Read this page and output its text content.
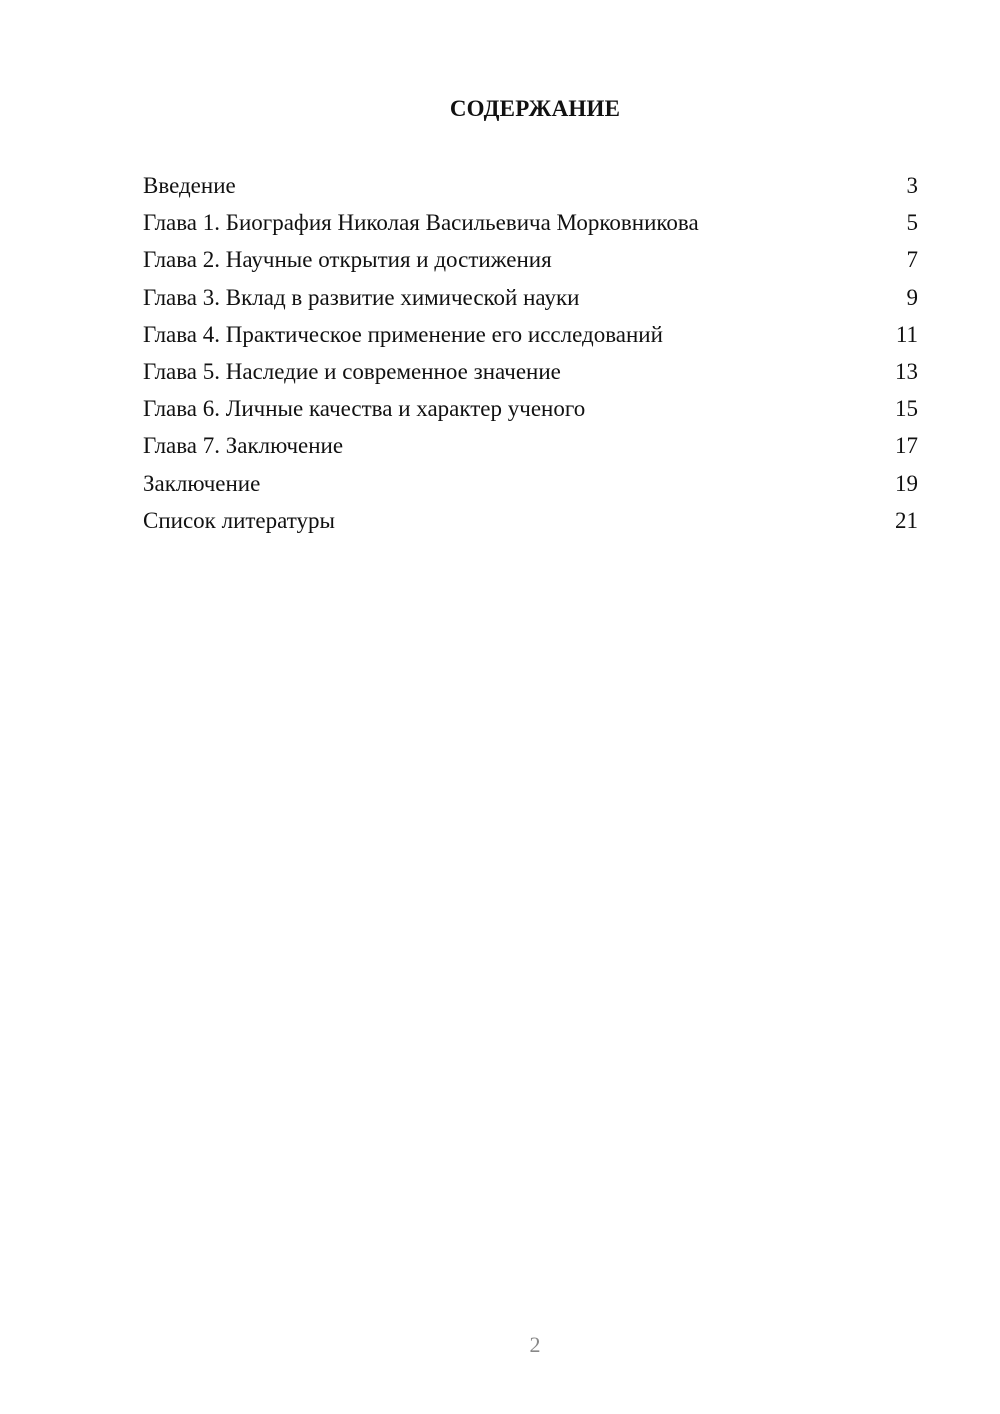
СОДЕРЖАНИЕ
Введение	3
Глава 1. Биография Николая Васильевича Морковникова	5
Глава 2. Научные открытия и достижения	7
Глава 3. Вклад в развитие химической науки	9
Глава 4. Практическое применение его исследований	11
Глава 5. Наследие и современное значение	13
Глава 6. Личные качества и характер ученого	15
Глава 7. Заключение	17
Заключение	19
Список литературы	21
2
